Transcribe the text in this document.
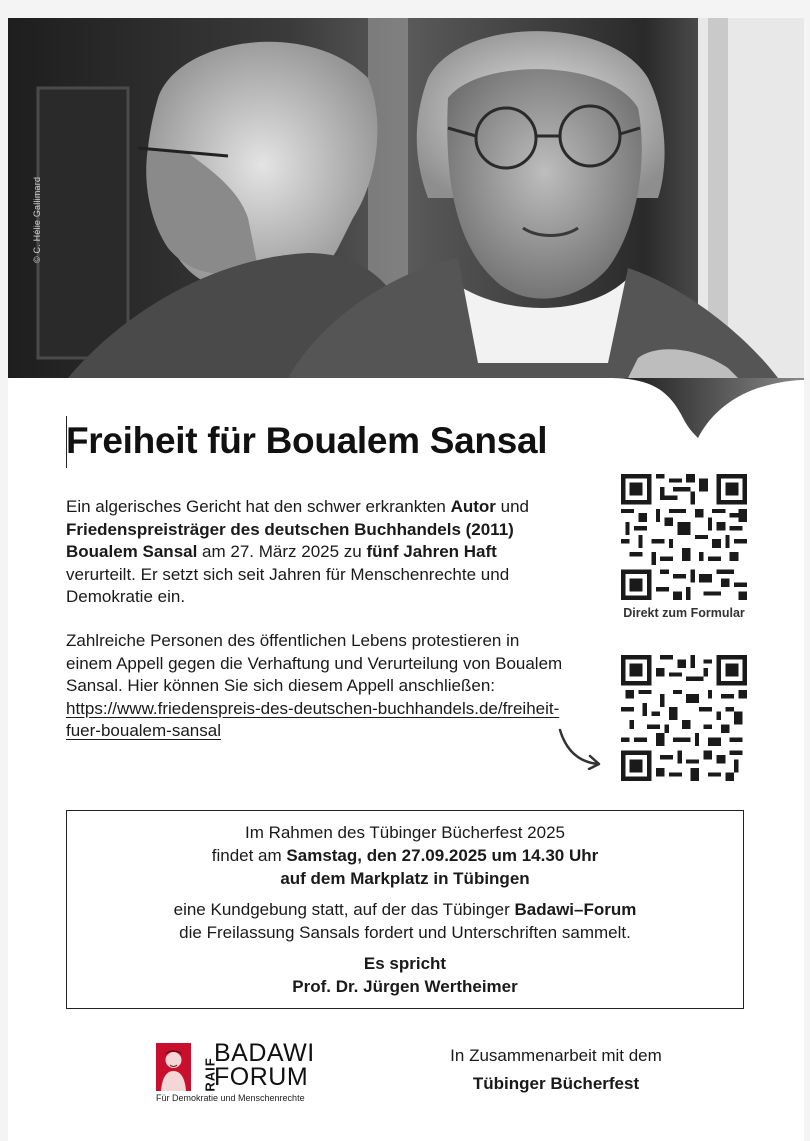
© C. Hélie Gallimard
Freiheit für Boualem Sansal

Ein algerisches Gericht hat den schwer erkrankten Autor und Friedenspreisträger des deutschen Buchhandels (2011) Boualem Sansal am 27. März 2025 zu fünf Jahren Haft verurteilt. Er setzt sich seit Jahren für Menschenrechte und Demokratie ein.

Zahlreiche Personen des öffentlichen Lebens protestieren in einem Appell gegen die Verhaftung und Verurteilung von Boualem Sansal. Hier können Sie sich diesem Appell anschließen: https://www.friedenspreis-des-deutschen-buchhandels.de/freiheit-fuer-boualem-sansal

Direkt zum Formular

Im Rahmen des Tübinger Bücherfest 2025

findet am Samstag, den 27.09.2025 um 14.30 Uhr

auf dem Markplatz in Tübingen

eine Kundgebung statt, auf der das Tübinger Badawi–Forum

die Freilassung Sansals fordert und Unterschriften sammelt.

Es spricht

Prof. Dr. Jürgen Wertheimer

RAIF
BADAWI
FORUM
Für Demokratie und Menschenrechte
In Zusammenarbeit mit dem
Tübinger Bücherfest
